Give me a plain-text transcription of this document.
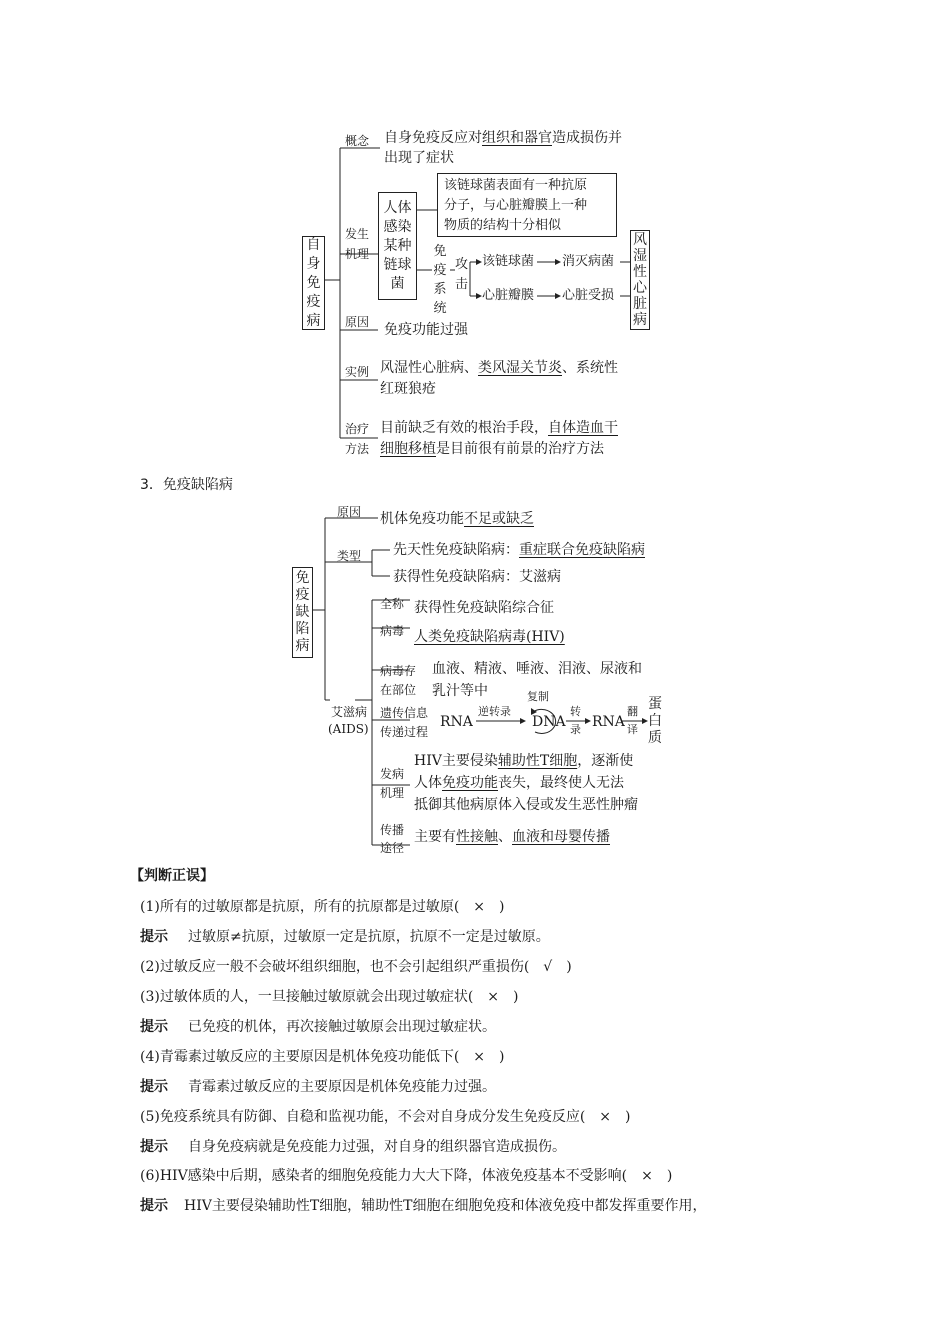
自
身
免
疫
病
概念 自身免疫反应对组织和器官造成损伤并
出现了症状
发生
机理
人体
感染
某种
链球
菌
该链球菌表面有一种抗原
分子，与心脏瓣膜上一种
物质的结构十分相似
免
疫
系
统
攻
击
该链球菌 消灭病菌
心脏瓣膜 心脏受损
风
湿
性
心
脏
病
原因 免疫功能过强
实例 风湿性心脏病、类风湿关节炎、系统性
红斑狼疮
治疗
方法
目前缺乏有效的根治手段，自体造血干
细胞移植是目前很有前景的治疗方法
3．免疫缺陷病
免
疫
缺
陷
病
原因 机体免疫功能不足或缺乏
类型 先天性免疫缺陷病：重症联合免疫缺陷病
获得性免疫缺陷病：艾滋病
艾滋病
(AIDS)
全称 获得性免疫缺陷综合征
病毒 人类免疫缺陷病毒(HIV)
病毒存
在部位
血液、精液、唾液、泪液、尿液和
乳汁等中
遗传信息
传递过程
RNA
逆转录
复制
DNA
转
录 RNA
翻
译
蛋
白
质
发病
机理
HIV主要侵染辅助性T细胞，逐渐使
人体免疫功能丧失，最终使人无法
抵御其他病原体入侵或发生恶性肿瘤
传播
途径
主要有性接触、血液和母婴传播
【判断正误】
(1)所有的过敏原都是抗原，所有的抗原都是过敏原(　×　)
提示 过敏原≠抗原，过敏原一定是抗原，抗原不一定是过敏原。
(2)过敏反应一般不会破坏组织细胞，也不会引起组织严重损伤(　√　)
(3)过敏体质的人，一旦接触过敏原就会出现过敏症状(　×　)
提示 已免疫的机体，再次接触过敏原会出现过敏症状。
(4)青霉素过敏反应的主要原因是机体免疫功能低下(　×　)
提示 青霉素过敏反应的主要原因是机体免疫能力过强。
(5)免疫系统具有防御、自稳和监视功能，不会对自身成分发生免疫反应(　×　)
提示 自身免疫病就是免疫能力过强，对自身的组织器官造成损伤。
(6)HIV感染中后期，感染者的细胞免疫能力大大下降，体液免疫基本不受影响(　×　)
提示 HIV主要侵染辅助性T细胞，辅助性T细胞在细胞免疫和体液免疫中都发挥重要作用，
